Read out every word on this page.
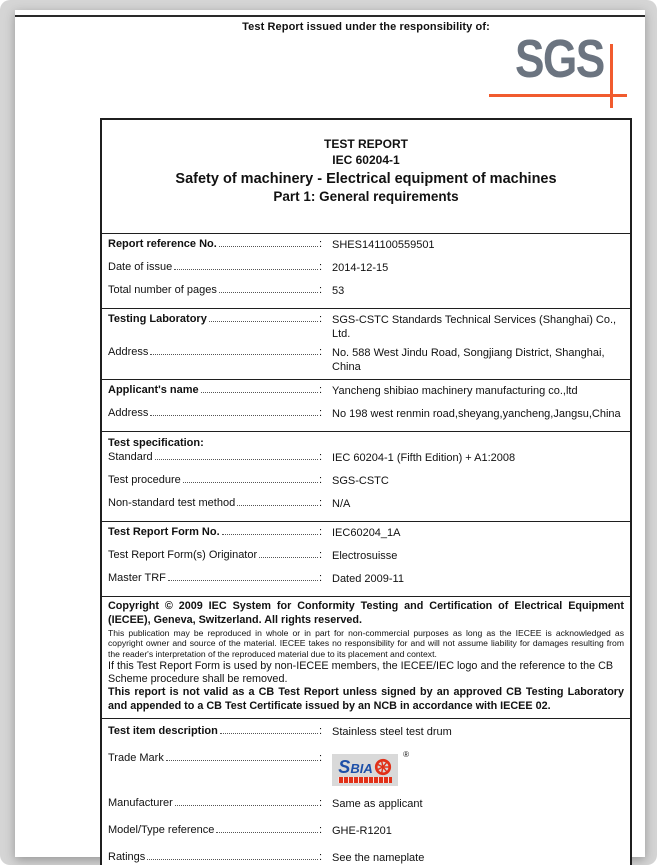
Test Report issued under the responsibility of:
SGS
TEST REPORT
IEC 60204-1
Safety of machinery - Electrical equipment of machines
Part 1: General requirements
Report reference No.	: SHES141100559501
Date of issue	: 2014-12-15
Total number of pages	: 53
Testing Laboratory	: SGS-CSTC Standards Technical Services (Shanghai) Co., Ltd.
Address	: No. 588 West Jindu Road, Songjiang District, Shanghai, China
Applicant's name	: Yancheng shibiao machinery manufacturing co.,ltd
Address	: No 198 west renmin road,sheyang,yancheng,Jangsu,China
Test specification:
Standard	: IEC 60204-1 (Fifth Edition) + A1:2008
Test procedure	: SGS-CSTC
Non-standard test method	: N/A
Test Report Form No.	: IEC60204_1A
Test Report Form(s) Originator	: Electrosuisse
Master TRF	: Dated 2009-11

Copyright © 2009 IEC System for Conformity Testing and Certification of Electrical Equipment (IECEE), Geneva, Switzerland. All rights reserved.

This publication may be reproduced in whole or in part for non-commercial purposes as long as the IECEE is acknowledged as copyright owner and source of the material. IECEE takes no responsibility for and will not assume liability for damages resulting from the reader's interpretation of the reproduced material due to its placement and context.

If this Test Report Form is used by non-IECEE members, the IECEE/IEC logo and the reference to the CB Scheme procedure shall be removed.

This report is not valid as a CB Test Report unless signed by an approved CB Testing Laboratory and appended to a CB Test Certificate issued by an NCB in accordance with IECEE 02.

Test item description	: Stainless steel test drum
Trade Mark	: SBIA
®
Manufacturer	: Same as applicant
Model/Type reference	: GHE-R1201
Ratings	: See the nameplate
